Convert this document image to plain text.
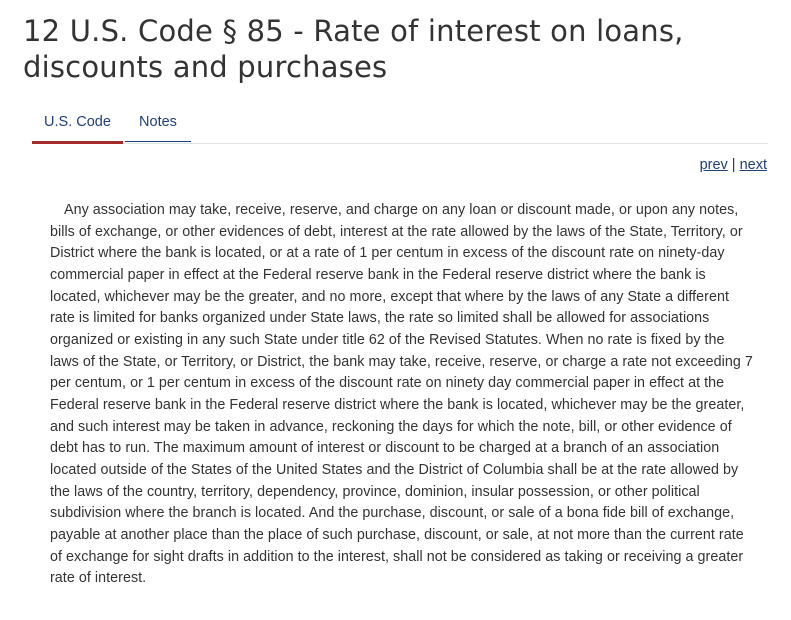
12 U.S. Code § 85 - Rate of interest on loans, discounts and purchases
U.S. Code	Notes
prev | next

Any association may take, receive, reserve, and charge on any loan or discount made, or upon any notes, bills of exchange, or other evidences of debt, interest at the rate allowed by the laws of the State, Territory, or District where the bank is located, or at a rate of 1 per centum in excess of the discount rate on ninety-day commercial paper in effect at the Federal reserve bank in the Federal reserve district where the bank is located, whichever may be the greater, and no more, except that where by the laws of any State a different rate is limited for banks organized under State laws, the rate so limited shall be allowed for associations organized or existing in any such State under title 62 of the Revised Statutes. When no rate is fixed by the laws of the State, or Territory, or District, the bank may take, receive, reserve, or charge a rate not exceeding 7 per centum, or 1 per centum in excess of the discount rate on ninety day commercial paper in effect at the Federal reserve bank in the Federal reserve district where the bank is located, whichever may be the greater, and such interest may be taken in advance, reckoning the days for which the note, bill, or other evidence of debt has to run. The maximum amount of interest or discount to be charged at a branch of an association located outside of the States of the United States and the District of Columbia shall be at the rate allowed by the laws of the country, territory, dependency, province, dominion, insular possession, or other political subdivision where the branch is located. And the purchase, discount, or sale of a bona fide bill of exchange, payable at another place than the place of such purchase, discount, or sale, at not more than the current rate of exchange for sight drafts in addition to the interest, shall not be considered as taking or receiving a greater rate of interest.
